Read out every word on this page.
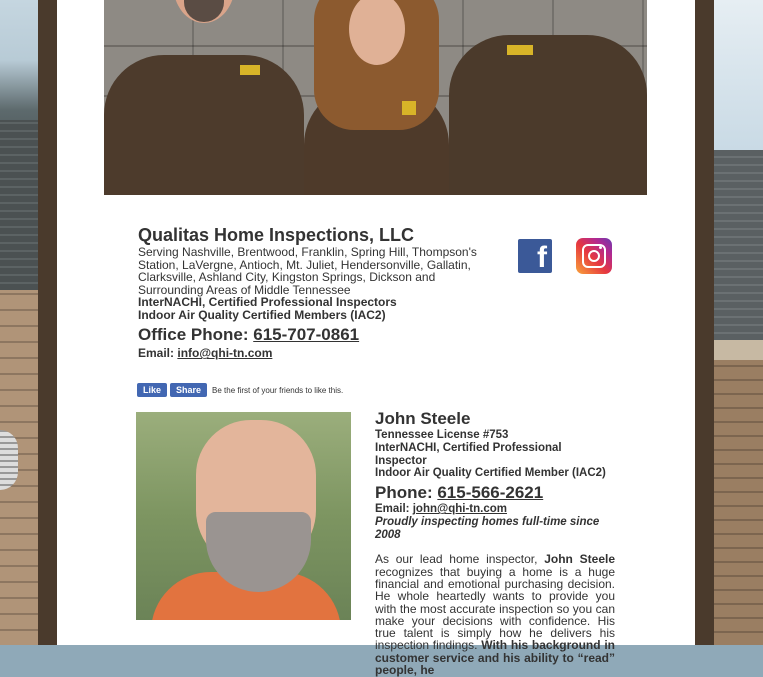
Qualitas Home Inspections, LLC
Serving Nashville, Brentwood, Franklin, Spring Hill, Thompson's Station, LaVergne, Antioch, Mt. Juliet, Hendersonville, Gallatin, Clarksville, Ashland City, Kingston Springs, Dickson and Surrounding Areas of Middle Tennessee
InterNACHI, Certified Professional Inspectors
Indoor Air Quality Certified Members (IAC2)
Office Phone: 615-707-0861
Email: info@qhi-tn.com
f
Like	Share	Be the first of your friends to like this.
John Steele
Tennessee License #753
InterNACHI, Certified Professional Inspector
Indoor Air Quality Certified Member (IAC2)
Phone: 615-566-2621
Email: john@qhi-tn.com
Proudly inspecting homes full-time since 2008
As our lead home inspector, John Steele recognizes that buying a home is a huge financial and emotional purchasing decision. He whole heartedly wants to provide you with the most accurate inspection so you can make your decisions with confidence. His true talent is simply how he delivers his inspection findings. With his background in customer service and his ability to “read” people, he
